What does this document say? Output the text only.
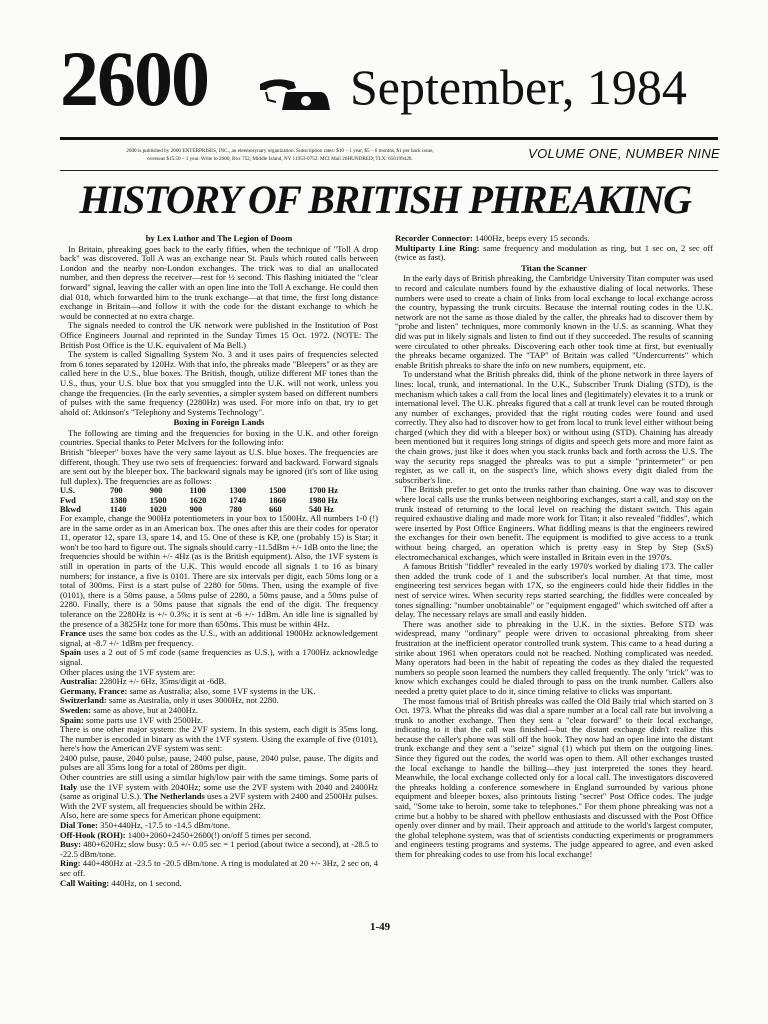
2600	September, 1984
2600 is published by 2600 ENTERPRISES, INC., an eleemosynary organization. Subscription rates: $10 – 1 year, $5 – 6 months, $1 per back issue,
overseas $15.50 – 1 year. Write to 2600, Box 752, Middle Island, NY 11953-0752. MCI Mail 26HUNDRED; TLX: 650199428.	VOLUME ONE, NUMBER NINE
HISTORY OF BRITISH PHREAKING
by Lex Luthor and The Legion of Doom

In Britain, phreaking goes back to the early fifties, when the technique of "Toll A drop back" was discovered. Toll A was an exchange near St. Pauls which routed calls between London and the nearby non-London exchanges. The trick was to dial an unallocated number, and then depress the receiver—rest for ½ second. This flashing initiated the "clear forward" signal, leaving the caller with an open line into the Toll A exchange. He could then dial 018, which forwarded him to the trunk exchange—at that time, the first long distance exchange in Britain—and follow it with the code for the distant exchange to which he would be connected at no extra charge.

The signals needed to control the UK network were published in the Institution of Post Office Engineers Journal and reprinted in the Sunday Times 15 Oct. 1972. (NOTE: The British Post Office is the U.K. equivalent of Ma Bell.)

The system is called Signalling System No. 3 and it uses pairs of frequencies selected from 6 tones separated by 120Hz. With that info, the phreaks made "Bleepers" or as they are called here in the U.S., blue boxes. The British, though, utilize different MF tones than the U.S., thus, your U.S. blue box that you smuggled into the U.K. will not work, unless you change the frequencies. (In the early seventies, a simpler system based on different numbers of pulses with the same frequency (2280Hz) was used. For more info on that, try to get ahold of: Atkinson's "Telephony and Systems Technology".

Boxing in Foreign Lands

The following are timing and the frequencies for boxing in the U.K. and other foreign countries. Special thanks to Peter McIvers for the following info:

British "bleeper" boxes have the very same layout as U.S. blue boxes. The frequencies are different, though. They use two sets of frequencies: forward and backward. Forward signals are sent out by the bleeper box. The backward signals may be ignored (it's sort of like using full duplex). The frequencies are as follows:

U.S.	700	900	1100	1300	1500	1700 Hz
Fwd	1380	1500	1620	1740	1860	1980 Hz
Bkwd	1140	1020	900	780	660	540 Hz

For example, change the 900Hz potentiometers in your box to 1500Hz. All numbers 1-0 (!) are in the same order as in an American box. The ones after this are their codes for operator 11, operator 12, spare 13, spare 14, and 15. One of these is KP, one (probably 15) is Star; it won't be too hard to figure out. The signals should carry -11.5dBm +/- 1dB onto the line; the frequencies should be within +/- 4Hz (as is the British equipment). Also, the 1VF system is still in operation in parts of the U.K. This would encode all signals 1 to 16 as binary numbers; for instance, a five is 0101. There are six intervals per digit, each 50ms long or a total of 300ms. First is a start pulse of 2280 for 50ms. Then, using the example of five (0101), there is a 50ms pause, a 50ms pulse of 2280, a 50ms pause, and a 50ms pulse of 2280. Finally, there is a 50ms pause that signals the end of the digit. The frequency tolerance on the 2280Hz is +/- 0.3%; it is sent at -6 +/- 1dBm. An idle line is signalled by the presence of a 3825Hz tone for more than 650ms. This must be within 4Hz.

France uses the same box codes as the U.S., with an additional 1900Hz acknowledgement signal, at -8.7 +/- 1dBm per frequency.

Spain uses a 2 out of 5 mf code (same frequencies as U.S.), with a 1700Hz acknowledge signal.

Other places using the 1VF system are:

Australia: 2280Hz +/- 6Hz, 35ms/digit at -6dB.

Germany, France: same as Australia; also, some 1VF systems in the UK.

Switzerland: same as Australia, only it uses 3000Hz, not 2280.

Sweden: same as above, but at 2400Hz.

Spain: some parts use 1VF with 2500Hz.

There is one other major system: the 2VF system. In this system, each digit is 35ms long. The number is encoded in binary as with the 1VF system. Using the example of five (0101), here's how the American 2VF system was sent:

2400 pulse, pause, 2040 pulse, pause, 2400 pulse, pause, 2040 pulse, pause. The digits and pulses are all 35ms long for a total of 280ms per digit.

Other countries are still using a similar high/low pair with the same timings. Some parts of Italy use the 1VF system with 2040Hz; some use the 2VF system with 2040 and 2400Hz (same as original U.S.). The Netherlands uses a 2VF system with 2400 and 2500Hz pulses. With the 2VF system, all frequencies should be within 2Hz.

Also, here are some specs for American phone equipment:

Dial Tone: 350+440Hz, -17.5 to -14.5 dBm/tone.

Off-Hook (ROH): 1400+2060+2450+2600(!) on/off 5 times per second.

Busy: 480+620Hz; slow busy: 0.5 +/- 0.05 sec = 1 period (about twice a second), at -28.5 to -22.5 dBm/tone.

Ring: 440+480Hz at -23.5 to -20.5 dBm/tone. A ring is modulated at 20 +/- 3Hz, 2 sec on, 4 sec off.

Call Waiting: 440Hz, on 1 second.

Recorder Connector: 1400Hz, beeps every 15 seconds.

Multiparty Line Ring: same frequency and modulation as ring, but 1 sec on, 2 sec off (twice as fast).

Titan the Scanner

In the early days of British phreaking, the Cambridge University Titan computer was used to record and calculate numbers found by the exhaustive dialing of local networks. These numbers were used to create a chain of links from local exchange to local exchange across the country, bypassing the trunk circuits. Because the internal routing codes in the U.K. network are not the same as those dialed by the caller, the phreaks had to discover them by "probe and listen" techniques, more commonly known in the U.S. as scanning. What they did was put in likely signals and listen to find out if they succeeded. The results of scanning were circulated to other phreaks. Discovering each other took time at first, but eventually the phreaks became organized. The "TAP" of Britain was called "Undercurrents" which enable British phreaks to share the info on new numbers, equipment, etc.

To understand what the British phreaks did, think of the phone network in three layers of lines: local, trunk, and international. In the U.K., Subscriber Trunk Dialing (STD), is the mechanism which takes a call from the local lines and (legitimately) elevates it to a trunk or international level. The U.K. phreaks figured that a call at trunk level can be routed through any number of exchanges, provided that the right routing codes were found and used correctly. They also had to discover how to get from local to trunk level either without being charged (which they did with a bleeper box) or without using (STD). Chaining has already been mentioned but it requires long strings of digits and speech gets more and more faint as the chain grows, just like it does when you stack trunks back and forth across the U.S. The way the security reps snagged the phreaks was to put a simple "printermeter" or pen register, as we call it, on the suspect's line, which shows every digit dialed from the subscriber's line.

The British prefer to get onto the trunks rather than chaining. One way was to discover where local calls use the trunks between neighboring exchanges, start a call, and stay on the trunk instead of returning to the local level on reaching the distant switch. This again required exhaustive dialing and made more work for Titan; it also revealed "fiddles", which were inserted by Post Office Engineers. What fiddling means is that the engineers rewired the exchanges for their own benefit. The equipment is modified to give access to a trunk without being charged, an operation which is pretty easy in Step by Step (SxS) electromechanical exchanges, which were installed in Britain even in the 1970's.

A famous British "fiddler" revealed in the early 1970's worked by dialing 173. The caller then added the trunk code of 1 and the subscriber's local number. At that time, most engineering test services began with 17X, so the engineers could hide their fiddles in the nest of service wires. When security reps started searching, the fiddles were concealed by tones signalling: "number unobtainable" or "equipment engaged" which switched off after a delay. The necessary relays are small and easily hidden.

There was another side to phreaking in the U.K. in the sixties. Before STD was widespread, many "ordinary" people were driven to occasional phreaking from sheer frustration at the inefficient operator controlled trunk system. This came to a head during a strike about 1961 when operators could not be reached. Nothing complicated was needed. Many operators had been in the habit of repeating the codes as they dialed the requested numbers so people soon learned the numbers they called frequently. The only "trick" was to know which exchanges could be dialed through to pass on the trunk number. Callers also needed a pretty quiet place to do it, since timing relative to clicks was important.

The most famous trial of British phreaks was called the Old Baily trial which started on 3 Oct. 1973. What the phreaks did was dial a spare number at a local call rate but involving a trunk to another exchange. Then they sent a "clear forward" to their local exchange, indicating to it that the call was finished—but the distant exchange didn't realize this because the caller's phone was still off the hook. They now had an open line into the distant trunk exchange and they sent a "seize" signal (1) which put them on the outgoing lines. Since they figured out the codes, the world was open to them. All other exchanges trusted the local exchange to handle the billing—they just interpreted the tones they heard. Meanwhile, the local exchange collected only for a local call. The investigators discovered the phreaks holding a conference somewhere in England surrounded by various phone equipment and bleeper boxes, also printouts listing "secret" Post Office codes. The judge said, "Some take to heroin, some take to telephones." For them phone phreaking was not a crime but a hobby to be shared with phellow enthusiasts and discussed with the Post Office openly over dinner and by mail. Their approach and attitude to the world's largest computer, the global telephone system, was that of scientists conducting experiments or programmers and engineers testing programs and systems. The judge appeared to agree, and even asked them for phreaking codes to use from his local exchange!

1-49
